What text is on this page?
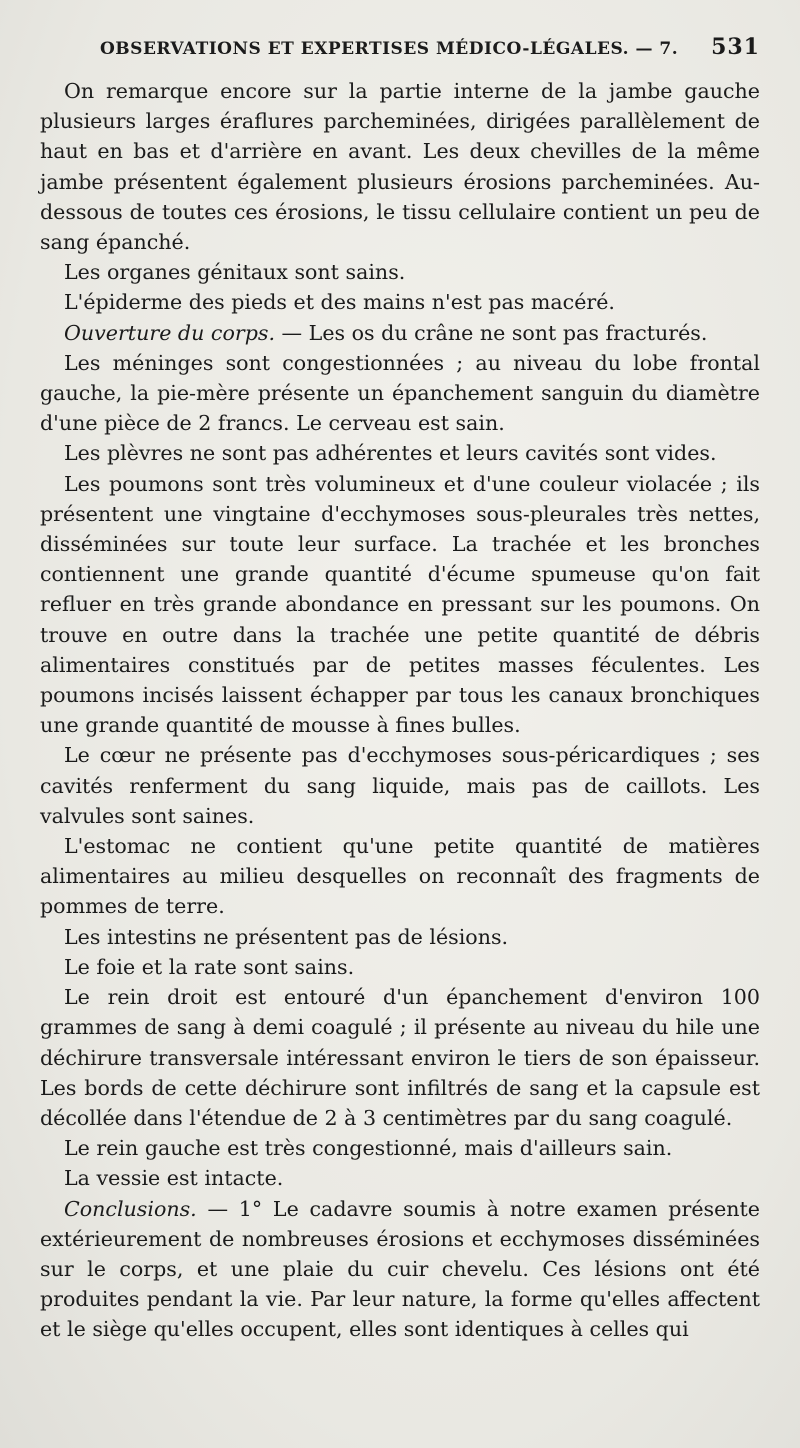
OBSERVATIONS ET EXPERTISES MÉDICO-LÉGALES. — 7. 531

On remarque encore sur la partie interne de la jambe gauche plusieurs larges éraflures parcheminées, dirigées parallèlement de haut en bas et d'arrière en avant. Les deux chevilles de la même jambe présentent également plusieurs érosions parcheminées. Au-dessous de toutes ces érosions, le tissu cellulaire contient un peu de sang épanché.

Les organes génitaux sont sains.

L'épiderme des pieds et des mains n'est pas macéré.

Ouverture du corps. — Les os du crâne ne sont pas fracturés.

Les méninges sont congestionnées ; au niveau du lobe frontal gauche, la pie-mère présente un épanchement sanguin du diamètre d'une pièce de 2 francs. Le cerveau est sain.

Les plèvres ne sont pas adhérentes et leurs cavités sont vides.

Les poumons sont très volumineux et d'une couleur violacée ; ils présentent une vingtaine d'ecchymoses sous-pleurales très nettes, disséminées sur toute leur surface. La trachée et les bronches contiennent une grande quantité d'écume spumeuse qu'on fait refluer en très grande abondance en pressant sur les poumons. On trouve en outre dans la trachée une petite quantité de débris alimentaires constitués par de petites masses féculentes. Les poumons incisés laissent échapper par tous les canaux bronchiques une grande quantité de mousse à fines bulles.

Le cœur ne présente pas d'ecchymoses sous-péricardiques ; ses cavités renferment du sang liquide, mais pas de caillots. Les valvules sont saines.

L'estomac ne contient qu'une petite quantité de matières alimentaires au milieu desquelles on reconnaît des fragments de pommes de terre.

Les intestins ne présentent pas de lésions.

Le foie et la rate sont sains.

Le rein droit est entouré d'un épanchement d'environ 100 grammes de sang à demi coagulé ; il présente au niveau du hile une déchirure transversale intéressant environ le tiers de son épaisseur. Les bords de cette déchirure sont infiltrés de sang et la capsule est décollée dans l'étendue de 2 à 3 centimètres par du sang coagulé.

Le rein gauche est très congestionné, mais d'ailleurs sain.

La vessie est intacte.

Conclusions. — 1° Le cadavre soumis à notre examen présente extérieurement de nombreuses érosions et ecchymoses disséminées sur le corps, et une plaie du cuir chevelu. Ces lésions ont été produites pendant la vie. Par leur nature, la forme qu'elles affectent et le siège qu'elles occupent, elles sont identiques à celles qui
